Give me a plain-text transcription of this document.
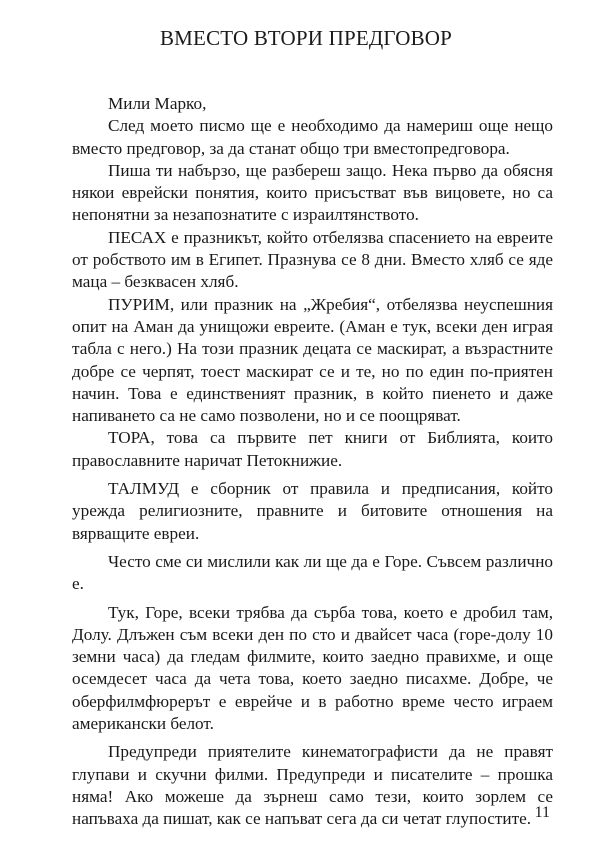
ВМЕСТО ВТОРИ ПРЕДГОВОР

Мили Марко,

След моето писмо ще е необходимо да намериш още нещо вместо предговор, за да станат общо три вместопредговора.

Пиша ти набързо, ще разбереш защо. Нека първо да обясня някои еврейски понятия, които присъстват във вицовете, но са непонятни за незапознатите с израилтянството.

ПЕСАХ е празникът, който отбелязва спасението на евреите от робството им в Египет. Празнува се 8 дни. Вместо хляб се яде маца – безквасен хляб.

ПУРИМ, или празник на „Жребия“, отбелязва неуспешния опит на Аман да унищожи евреите. (Аман е тук, всеки ден играя табла с него.) На този празник децата се маскират, а възрастните добре се черпят, тоест маскират се и те, но по един по-приятен начин. Това е единственият празник, в който пиенето и даже напиването са не само позволени, но и се поощряват.

ТОРА, това са първите пет книги от Библията, които православните наричат Петокнижие.

ТАЛМУД е сборник от правила и предписания, който урежда религиозните, правните и битовите отношения на вярващите евреи.

Често сме си мислили как ли ще да е Горе. Съвсем различно е.

Тук, Горе, всеки трябва да сърба това, което е дробил там, Долу. Длъжен съм всеки ден по сто и двайсет часа (горе-долу 10 земни часа) да гледам филмите, които заедно правихме, и още осемдесет часа да чета това, което заедно писахме. Добре, че оберфилмфюрерът е еврейче и в работно време често играем американски белот.

Предупреди приятелите кинематографисти да не правят глупави и скучни филми. Предупреди и писателите – прошка няма! Ако можеше да зърнеш само тези, които зорлем се напъваха да пишат, как се напъват сега да си четат глупостите. 11
